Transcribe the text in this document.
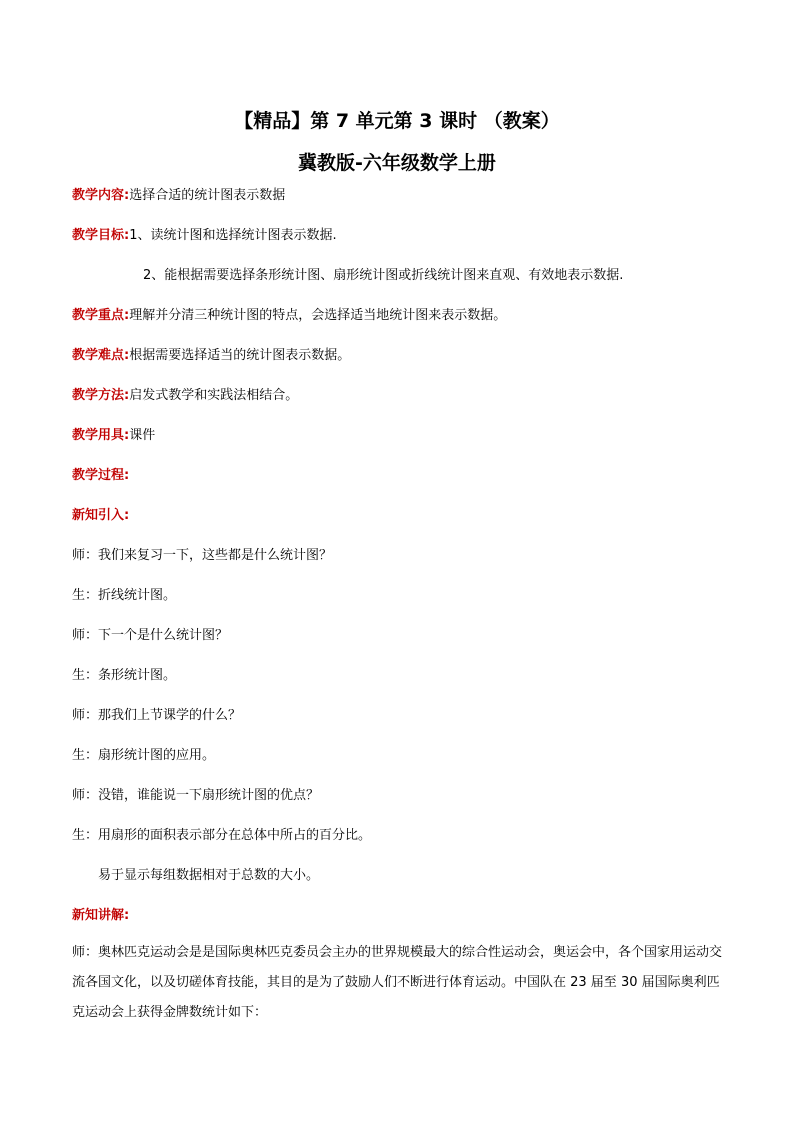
【精品】第 7 单元第 3 课时 （教案）
冀教版-六年级数学上册
教学内容:选择合适的统计图表示数据
教学目标:1、读统计图和选择统计图表示数据.
2、能根据需要选择条形统计图、扇形统计图或折线统计图来直观、有效地表示数据.
教学重点:理解并分清三种统计图的特点，会选择适当地统计图来表示数据。
教学难点:根据需要选择适当的统计图表示数据。
教学方法:启发式教学和实践法相结合。
教学用具:课件
教学过程:
新知引入:
师：我们来复习一下，这些都是什么统计图？
生：折线统计图。
师：下一个是什么统计图？
生：条形统计图。
师：那我们上节课学的什么？
生：扇形统计图的应用。
师：没错，谁能说一下扇形统计图的优点？
生：用扇形的面积表示部分在总体中所占的百分比。
易于显示每组数据相对于总数的大小。
新知讲解:
师：奥林匹克运动会是是国际奥林匹克委员会主办的世界规模最大的综合性运动会，奥运会中，各个国家用运动交流各国文化，以及切磋体育技能，其目的是为了鼓励人们不断进行体育运动。中国队在 23 届至 30 届国际奥利匹克运动会上获得金牌数统计如下：
